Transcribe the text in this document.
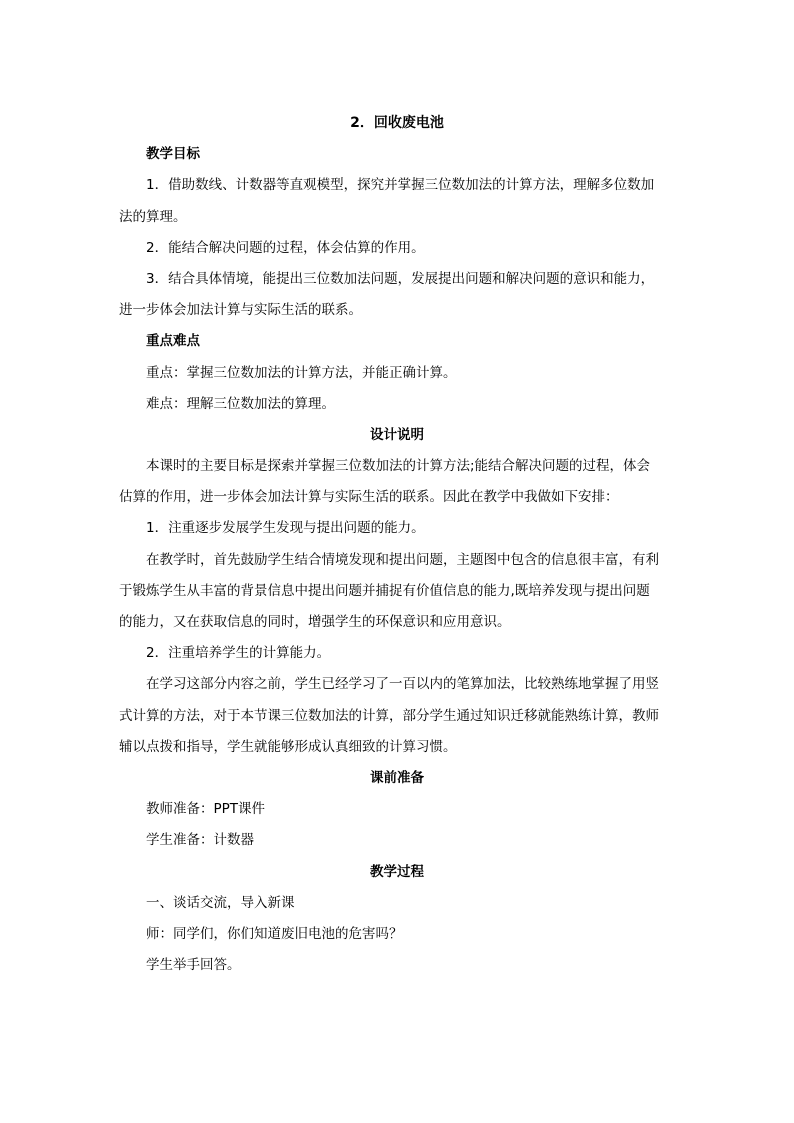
2．回收废电池
教学目标
1．借助数线、计数器等直观模型，探究并掌握三位数加法的计算方法，理解多位数加
法的算理。
2．能结合解决问题的过程，体会估算的作用。
3．结合具体情境，能提出三位数加法问题，发展提出问题和解决问题的意识和能力，
进一步体会加法计算与实际生活的联系。
重点难点
重点：掌握三位数加法的计算方法，并能正确计算。
难点：理解三位数加法的算理。
设计说明
本课时的主要目标是探索并掌握三位数加法的计算方法;能结合解决问题的过程，体会
估算的作用，进一步体会加法计算与实际生活的联系。因此在教学中我做如下安排：
1．注重逐步发展学生发现与提出问题的能力。
在教学时，首先鼓励学生结合情境发现和提出问题，主题图中包含的信息很丰富，有利
于锻炼学生从丰富的背景信息中提出问题并捕捉有价值信息的能力,既培养发现与提出问题
的能力，又在获取信息的同时，增强学生的环保意识和应用意识。
2．注重培养学生的计算能力。
在学习这部分内容之前，学生已经学习了一百以内的笔算加法，比较熟练地掌握了用竖
式计算的方法，对于本节课三位数加法的计算，部分学生通过知识迁移就能熟练计算，教师
辅以点拨和指导，学生就能够形成认真细致的计算习惯。
课前准备
教师准备：PPT课件
学生准备：计数器
教学过程
一、谈话交流，导入新课
师：同学们，你们知道废旧电池的危害吗？
学生举手回答。
